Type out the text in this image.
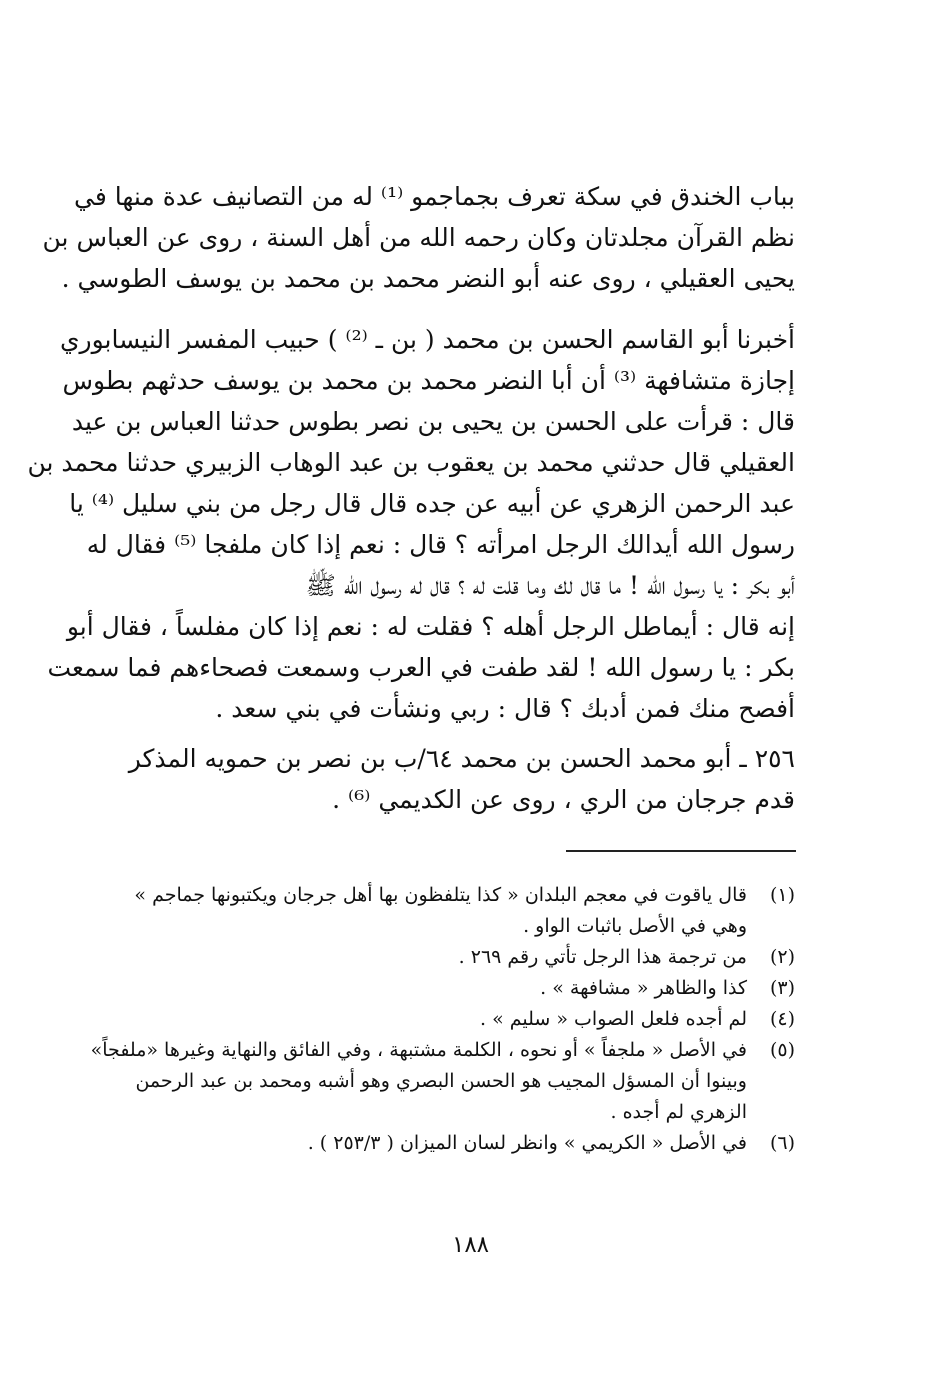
بباب الخندق في سكة تعرف بجماجمو ⁽¹⁾ له من التصانيف عدة منها في
نظم القرآن مجلدتان وكان رحمه الله من أهل السنة ، روى عن العباس بن
يحيى العقيلي ، روى عنه أبو النضر محمد بن محمد بن يوسف الطوسي .
أخبرنا أبو القاسم الحسن بن محمد ( بن ـ ⁽²⁾ ) حبيب المفسر النيسابوري
إجازة متشافهة ⁽³⁾ أن أبا النضر محمد بن محمد بن يوسف حدثهم بطوس
قال : قرأت على الحسن بن يحيى بن نصر بطوس حدثنا العباس بن عيد
العقيلي قال حدثني محمد بن يعقوب بن عبد الوهاب الزبيري حدثنا محمد بن
عبد الرحمن الزهري عن أبيه عن جده قال قال رجل من بني سليل ⁽⁴⁾ يا
رسول الله أيدالك الرجل امرأته ؟ قال : نعم إذا كان ملفجا ⁽⁵⁾ فقال له
أبو بكر : يا رسول الله ! ما قال لك وما قلت له ؟ قال له رسول الله ﷺ
إنه قال : أيماطل الرجل أهله ؟ فقلت له : نعم إذا كان مفلساً ، فقال أبو
بكر : يا رسول الله ! لقد طفت في العرب وسمعت فصحاءهم فما سمعت
أفصح منك فمن أدبك ؟ قال : ربي ونشأت في بني سعد .
٢٥٦ ـ أبو محمد الحسن بن محمد ٦٤/ب بن نصر بن حمويه المذكر
قدم جرجان من الري ، روى عن الكديمي ⁽⁶⁾ .
(١)
قال ياقوت في معجم البلدان « كذا يتلفظون بها أهل جرجان ويكتبونها جماجم »
وهي في الأصل باثبات الواو .
(٢)
من ترجمة هذا الرجل تأتي رقم ٢٦٩ .
(٣)
كذا والظاهر « مشافهة » .
(٤)
لم أجده فلعل الصواب « سليم » .
(٥)
في الأصل « ملجفاً » أو نحوه ، الكلمة مشتبهة ، وفي الفائق والنهاية وغيرها «ملفجاً»
وبينوا أن المسؤل المجيب هو الحسن البصري وهو أشبه ومحمد بن عبد الرحمن
الزهري لم أجده .
(٦)
في الأصل « الكريمي » وانظر لسان الميزان ( ٢٥٣/٣ ) .
١٨٨
